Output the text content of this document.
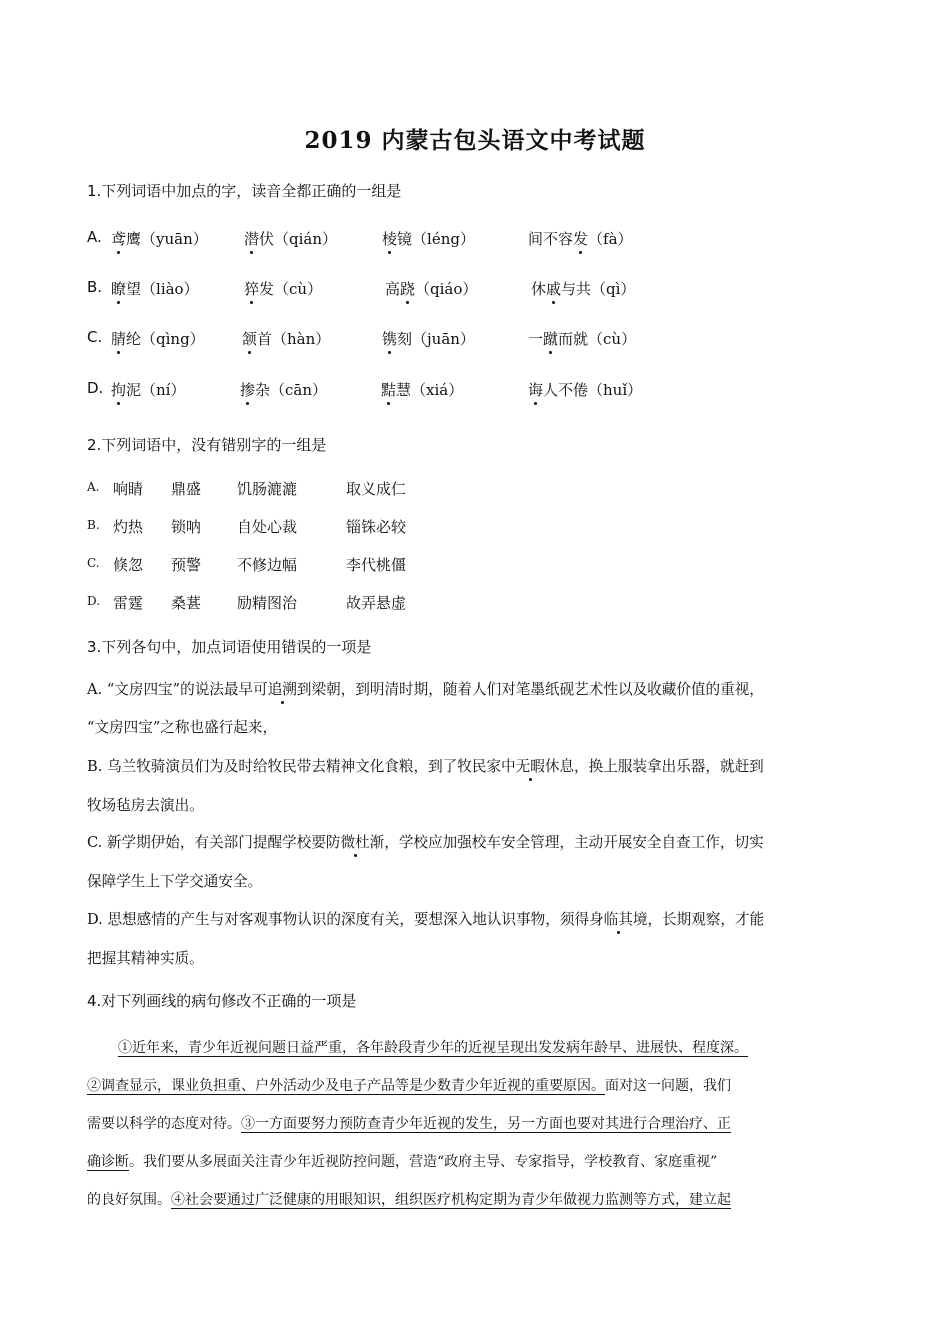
2019 内蒙古包头语文中考试题
1.下列词语中加点的字，读音全都正确的一组是
A. 鸢鹰（yuān） 潜伏（qián）	棱镜（léng）	间不容发（fà）
B. 瞭望（liào）	猝发（cù）	高跷（qiáo）	休戚与共（qì）
C. 腈纶（qìng） 颔首（hàn）	镌刻（juān）	一蹴而就（cù）
D. 拘泥（ní）	掺杂（cān）	黠慧（xiá）	诲人不倦（huǐ）
2.下列词语中，没有错别字的一组是
A. 响睛 鼎盛 饥肠漉漉	取义成仁
B. 灼热 锁呐 自处心裁	锱铢必较
C. 倏忽 预警 不修边幅	李代桃僵
D. 雷霆 桑葚 励精图治	故弄悬虚
3.下列各句中，加点词语使用错误的一项是
A. “文房四宝”的说法最早可追溯到梁朝，到明清时期，随着人们对笔墨纸砚艺术性以及收藏价值的重视，
“文房四宝”之称也盛行起来，
B. 乌兰牧骑演员们为及时给牧民带去精神文化食粮，到了牧民家中无暇休息，换上服装拿出乐器，就赶到
牧场毡房去演出。
C. 新学期伊始，有关部门提醒学校要防微杜渐，学校应加强校车安全管理，主动开展安全自查工作，切实
保障学生上下学交通安全。
D. 思想感情的产生与对客观事物认识的深度有关，要想深入地认识事物，须得身临其境，长期观察，才能
把握其精神实质。
4.对下列画线的病句修改不正确的一项是
①近年来，青少年近视问题日益严重，各年龄段青少年的近视呈现出发发病年龄早、进展快、程度深。
②调查显示，课业负担重、户外活动少及电子产品等是少数青少年近视的重要原因。面对这一问题，我们
需要以科学的态度对待。③一方面要努力预防查青少年近视的发生，另一方面也要对其进行合理治疗、正
确诊断。我们要从多展面关注青少年近视防控问题，营造“政府主导、专家指导，学校教育、家庭重视”
的良好氛围。④社会要通过广泛健康的用眼知识，组织医疗机构定期为青少年做视力监测等方式，建立起
